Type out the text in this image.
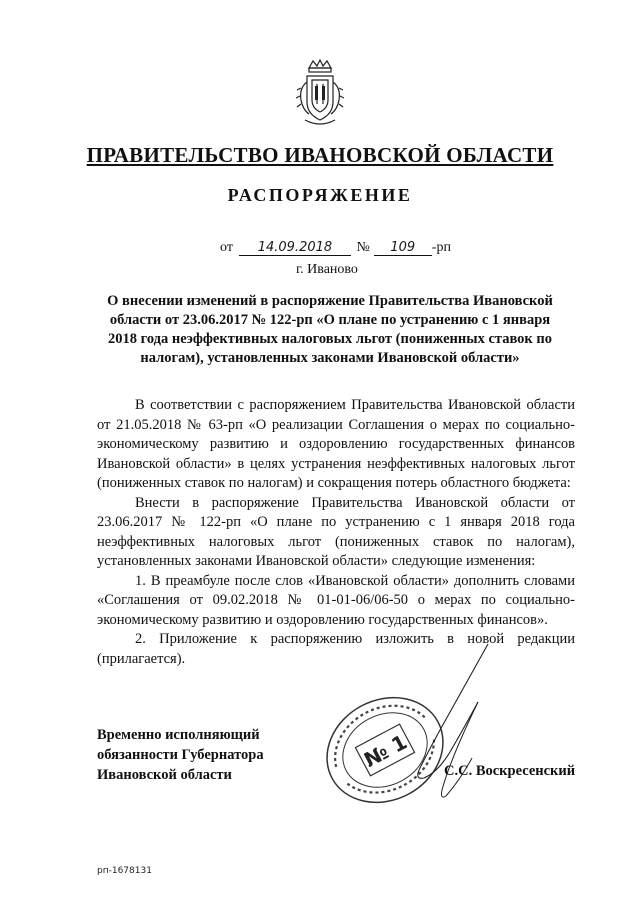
ПРАВИТЕЛЬСТВО ИВАНОВСКОЙ ОБЛАСТИ
РАСПОРЯЖЕНИЕ
от 14.09.2018 № 109 -рп
г. Иваново
О внесении изменений в распоряжение Правительства Ивановской области от 23.06.2017 № 122-рп «О плане по устранению с 1 января 2018 года неэффективных налоговых льгот (пониженных ставок по налогам), установленных законами Ивановской области»

В соответствии с распоряжением Правительства Ивановской области от 21.05.2018 № 63-рп «О реализации Соглашения о мерах по социально-экономическому развитию и оздоровлению государственных финансов Ивановской области» в целях устранения неэффективных налоговых льгот (пониженных ставок по налогам) и сокращения потерь областного бюджета:

Внести в распоряжение Правительства Ивановской области от 23.06.2017 № 122-рп «О плане по устранению с 1 января 2018 года неэффективных налоговых льгот (пониженных ставок по налогам), установленных законами Ивановской области» следующие изменения:

1. В преамбуле после слов «Ивановской области» дополнить словами «Соглашения от 09.02.2018 № 01-01-06/06-50 о мерах по социально-экономическому развитию и оздоровлению государственных финансов».

2. Приложение к распоряжению изложить в новой редакции (прилагается).

Временно исполняющий
обязанности Губернатора
Ивановской области
№ 1 С.С. Воскресенский
рп-1678131
